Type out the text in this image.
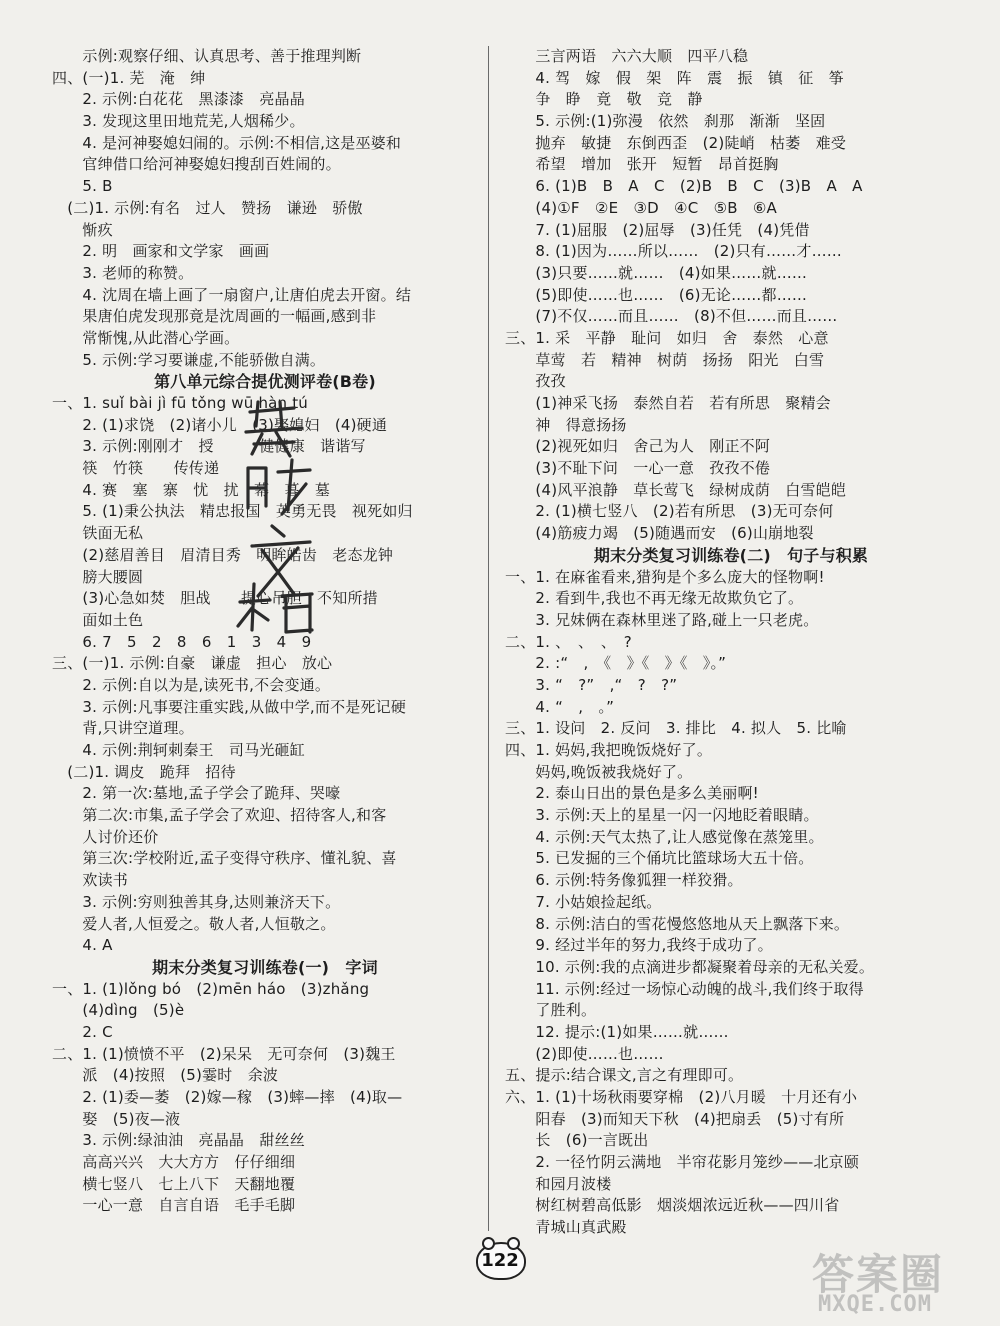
　　示例:观察仔细、认真思考、善于推理判断
四、(一)1. 芜　淹　绅
　　2. 示例:白花花　黑漆漆　亮晶晶
　　3. 发现这里田地荒芜,人烟稀少。
　　4. 是河神娶媳妇闹的。示例:不相信,这是巫婆和
　　官绅借口给河神娶媳妇搜刮百姓闹的。
　　5. B
　(二)1. 示例:有名　过人　赞扬　谦逊　骄傲
　　惭疚
　　2. 明　画家和文学家　画画
　　3. 老师的称赞。
　　4. 沈周在墙上画了一扇窗户,让唐伯虎去开窗。结
　　果唐伯虎发现那竟是沈周画的一幅画,感到非
　　常惭愧,从此潜心学画。
　　5. 示例:学习要谦虚,不能骄傲自满。
第八单元综合提优测评卷(B卷)
一、1. suǐ bài jì fū tǒng wū hàn tú
　　2. (1)求饶　(2)诸小儿　(3)娶媳妇　(4)硬通
　　3. 示例:刚刚才　授　　　健健康　谐谐写
　　筷　竹筷　　传传递
　　4. 赛　塞　寨　忧　扰　幕　暮　墓
　　5. (1)秉公执法　精忠报国　英勇无畏　视死如归
　　铁面无私
　　(2)慈眉善目　眉清目秀　明眸皓齿　老态龙钟
　　膀大腰圆
　　(3)心急如焚　胆战　　提心吊胆　不知所措
　　面如土色
　　6. 7　5　2　8　6　1　3　4　9
三、(一)1. 示例:自豪　谦虚　担心　放心
　　2. 示例:自以为是,读死书,不会变通。
　　3. 示例:凡事要注重实践,从做中学,而不是死记硬
　　背,只讲空道理。
　　4. 示例:荆轲刺秦王　司马光砸缸
　(二)1. 调皮　跪拜　招待
　　2. 第一次:墓地,孟子学会了跪拜、哭嚎
　　第二次:市集,孟子学会了欢迎、招待客人,和客
　　人讨价还价
　　第三次:学校附近,孟子变得守秩序、懂礼貌、喜
　　欢读书
　　3. 示例:穷则独善其身,达则兼济天下。
　　爱人者,人恒爱之。敬人者,人恒敬之。
　　4. A
期末分类复习训练卷(一)　字词
一、1. (1)lǒng bó　(2)mēn háo　(3)zhǎng
　　(4)dìng　(5)è
　　2. C
二、1. (1)愤愤不平　(2)呆呆　无可奈何　(3)魏王
　　派　(4)按照　(5)霎时　余波
　　2. (1)委—萎　(2)嫁—稼　(3)蟀—摔　(4)取—
　　娶　(5)夜—液
　　3. 示例:绿油油　亮晶晶　甜丝丝
　　高高兴兴　大大方方　仔仔细细
　　横七竖八　七上八下　天翻地覆
　　一心一意　自言自语　毛手毛脚
　　三言两语　六六大顺　四平八稳
　　4. 驾　嫁　假　架　阵　震　振　镇　征　筝
　　争　睁　竟　敬　竞　静
　　5. 示例:(1)弥漫　依然　刹那　渐渐　坚固
　　抛弃　敏捷　东倒西歪　(2)陡峭　枯萎　难受
　　希望　增加　张开　短暂　昂首挺胸
　　6. (1)B　B　A　C　(2)B　B　C　(3)B　A　A
　　(4)①F　②E　③D　④C　⑤B　⑥A
　　7. (1)屈服　(2)屈辱　(3)任凭　(4)凭借
　　8. (1)因为……所以……　(2)只有……才……
　　(3)只要……就……　(4)如果……就……
　　(5)即使……也……　(6)无论……都……
　　(7)不仅……而且……　(8)不但……而且……
三、1. 采　平静　耻问　如归　舍　泰然　心意
　　草莺　若　精神　树荫　扬扬　阳光　白雪
　　孜孜
　　(1)神采飞扬　泰然自若　若有所思　聚精会
　　神　得意扬扬
　　(2)视死如归　舍己为人　刚正不阿
　　(3)不耻下问　一心一意　孜孜不倦
　　(4)风平浪静　草长莺飞　绿树成荫　白雪皑皑
　　2. (1)横七竖八　(2)若有所思　(3)无可奈何
　　(4)筋疲力竭　(5)随遇而安　(6)山崩地裂
期末分类复习训练卷(二)　句子与积累
一、1. 在麻雀看来,猎狗是个多么庞大的怪物啊!
　　2. 看到牛,我也不再无缘无故欺负它了。
　　3. 兄妹俩在森林里迷了路,碰上一只老虎。
二、1. 、　、　、　?
　　2. :“　,　《　》《　》《　》。”
　　3. “　?”　,“　?　?”
　　4. “　,　。”
三、1. 设问　2. 反问　3. 排比　4. 拟人　5. 比喻
四、1. 妈妈,我把晚饭烧好了。
　　妈妈,晚饭被我烧好了。
　　2. 泰山日出的景色是多么美丽啊!
　　3. 示例:天上的星星一闪一闪地眨着眼睛。
　　4. 示例:天气太热了,让人感觉像在蒸笼里。
　　5. 已发掘的三个俑坑比篮球场大五十倍。
　　6. 示例:特务像狐狸一样狡猾。
　　7. 小姑娘捡起纸。
　　8. 示例:洁白的雪花慢悠悠地从天上飘落下来。
　　9. 经过半年的努力,我终于成功了。
　　10. 示例:我的点滴进步都凝聚着母亲的无私关爱。
　　11. 示例:经过一场惊心动魄的战斗,我们终于取得
　　了胜利。
　　12. 提示:(1)如果……就……
　　(2)即使……也……
五、提示:结合课文,言之有理即可。
六、1. (1)十场秋雨要穿棉　(2)八月暖　十月还有小
　　阳春　(3)而知天下秋　(4)把扇丢　(5)寸有所
　　长　(6)一言既出
　　2. 一径竹阴云满地　半帘花影月笼纱——北京颐
　　和园月波楼
　　树红树碧高低影　烟淡烟浓远近秋——四川省
　　青城山真武殿
122	答案圈
MXQE.COM
